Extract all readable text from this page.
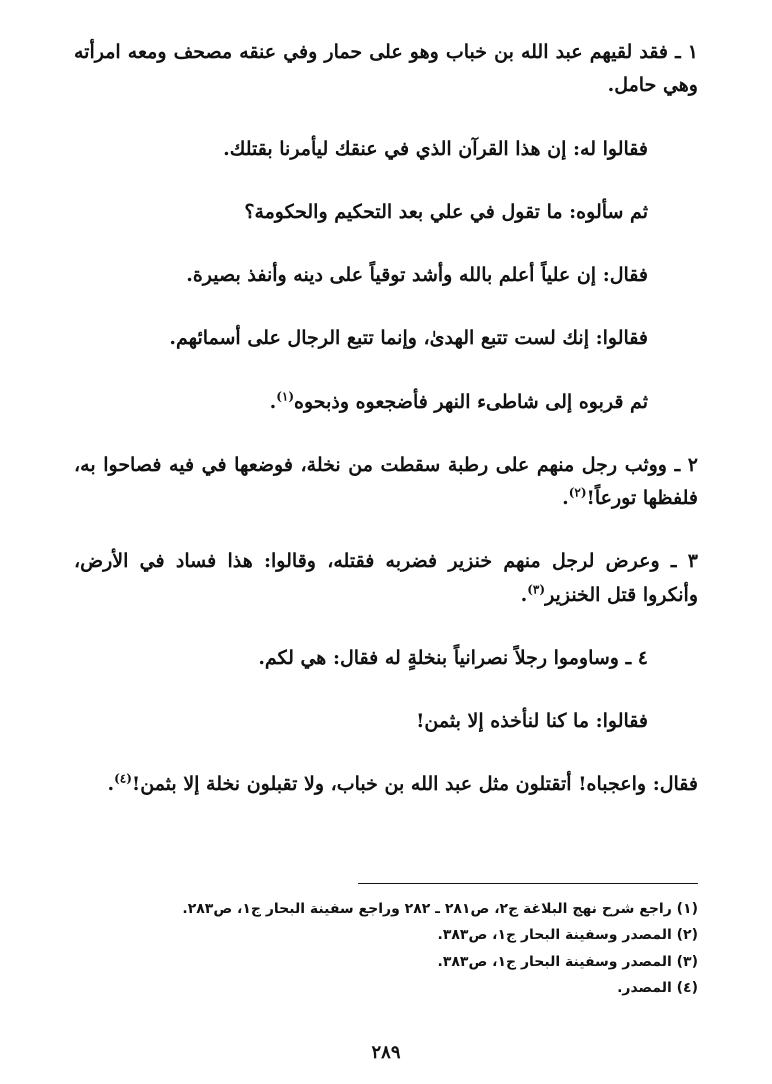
١ ـ فقد لقيهم عبد الله بن خباب وهو على حمار وفي عنقه مصحف ومعه امرأته وهي حامل.

فقالوا له: إن هذا القرآن الذي في عنقك ليأمرنا بقتلك.

ثم سألوه: ما تقول في علي بعد التحكيم والحكومة؟

فقال: إن علياً أعلم بالله وأشد توقياً على دينه وأنفذ بصيرة.

فقالوا: إنك لست تتبع الهدىٰ، وإنما تتبع الرجال على أسمائهم.

ثم قربوه إلى شاطىء النهر فأضجعوه وذبحوه$^{(١)}$.

٢ ـ ووثب رجل منهم على رطبة سقطت من نخلة، فوضعها في فيه فصاحوا به، فلفظها تورعاً!$^{(٢)}$.

٣ ـ وعرض لرجل منهم خنزير فضربه فقتله، وقالوا: هذا فساد في الأرض، وأنكروا قتل الخنزير$^{(٣)}$.

٤ ـ وساوموا رجلاً نصرانياً بنخلةٍ له فقال: هي لكم.

فقالوا: ما كنا لنأخذه إلا بثمن!

فقال: واعجباه! أتقتلون مثل عبد الله بن خباب، ولا تقبلون نخلة إلا بثمن!$^{(٤)}$.

(١) راجع شرح نهج البلاغة ج٢، ص٢٨١ ـ ٢٨٢ وراجع سفينة البحار ج١، ص٢٨٣.

(٢) المصدر وسفينة البحار ج١، ص٣٨٣.

(٣) المصدر وسفينة البحار ج١، ص٣٨٣.

(٤) المصدر.

٢٨٩
